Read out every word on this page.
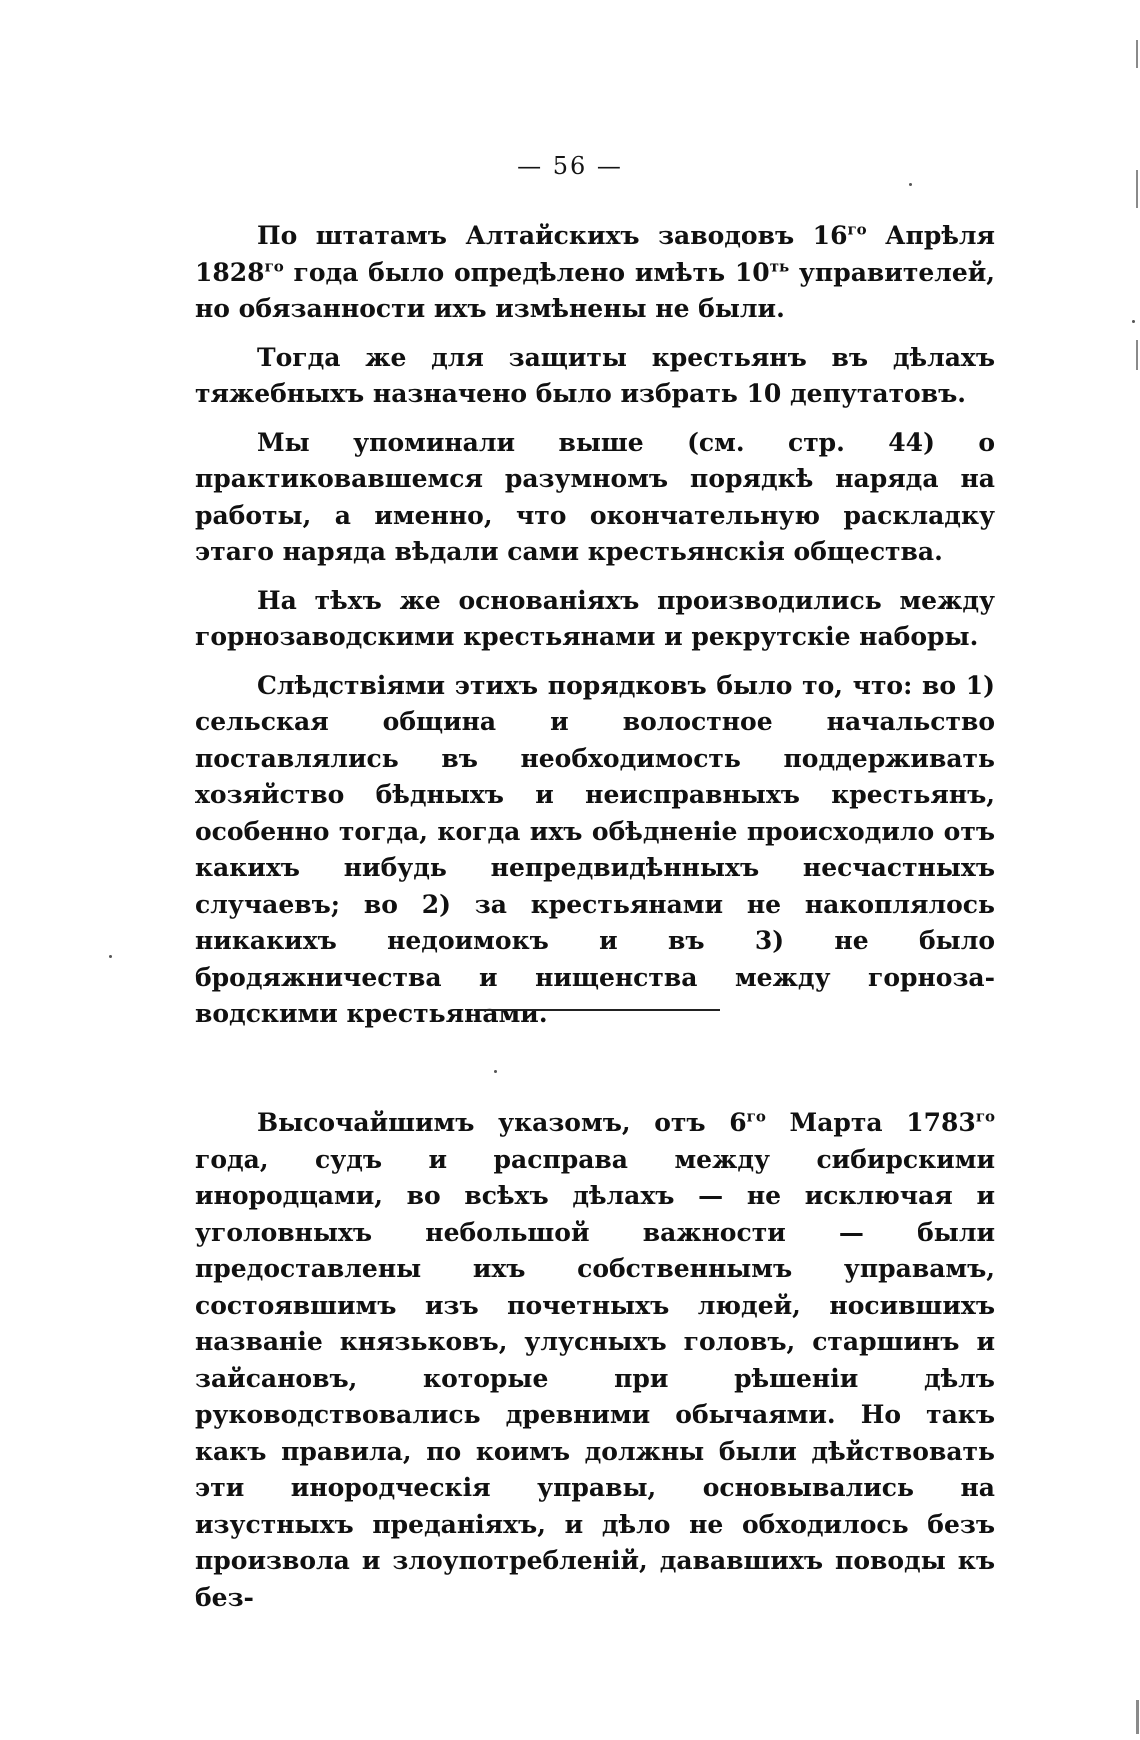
— 56 —

По штатамъ Алтайскихъ заводовъ $16^{го}$ Апрѣля $1828^{го}$ года было опредѣлено имѣть $10^{ть}$ управителей, но обязанности ихъ измѣнены не были.

Тогда же для защиты крестьянъ въ дѣлахъ тяжебныхъ назначено было избрать 10 депутатовъ.

Мы упоминали выше (см. стр. 44) о практиковавшемся разумномъ порядкѣ наряда на работы, а именно, что окончательную раскладку этаго наряда вѣдали сами крестьянскія общества.

На тѣхъ же основаніяхъ производились между горнозаводскими крестьянами и рекрутскіе наборы.

Слѣдствіями этихъ порядковъ было то, что: во 1) сельская община и волостное начальство поставлялись въ необходимость поддерживать хозяйство бѣдныхъ и неисправныхъ крестьянъ, особенно тогда, когда ихъ обѣдненіе происходило отъ какихъ нибудь непредвидѣнныхъ несчастныхъ случаевъ; во 2) за крестьянами не накоплялось никакихъ недоимокъ и въ 3) не было бродяжничества и нищенства между горнозаводскими крестьянами.

Высочайшимъ указомъ, отъ $6^{го}$ Марта $1783^{го}$ года, судъ и расправа между сибирскими инородцами, во всѣхъ дѣлахъ — не исключая и уголовныхъ небольшой важности — были предоставлены ихъ собственнымъ управамъ, состоявшимъ изъ почетныхъ людей, носившихъ названіе князьковъ, улусныхъ головъ, старшинъ и зайсановъ, которые при рѣшеніи дѣлъ руководствовались древними обычаями. Но такъ какъ правила, по коимъ должны были дѣйствовать эти инородческія управы, основывались на изустныхъ преданіяхъ, и дѣло не обходилось безъ произвола и злоупотребленій, дававшихъ поводы къ без-
